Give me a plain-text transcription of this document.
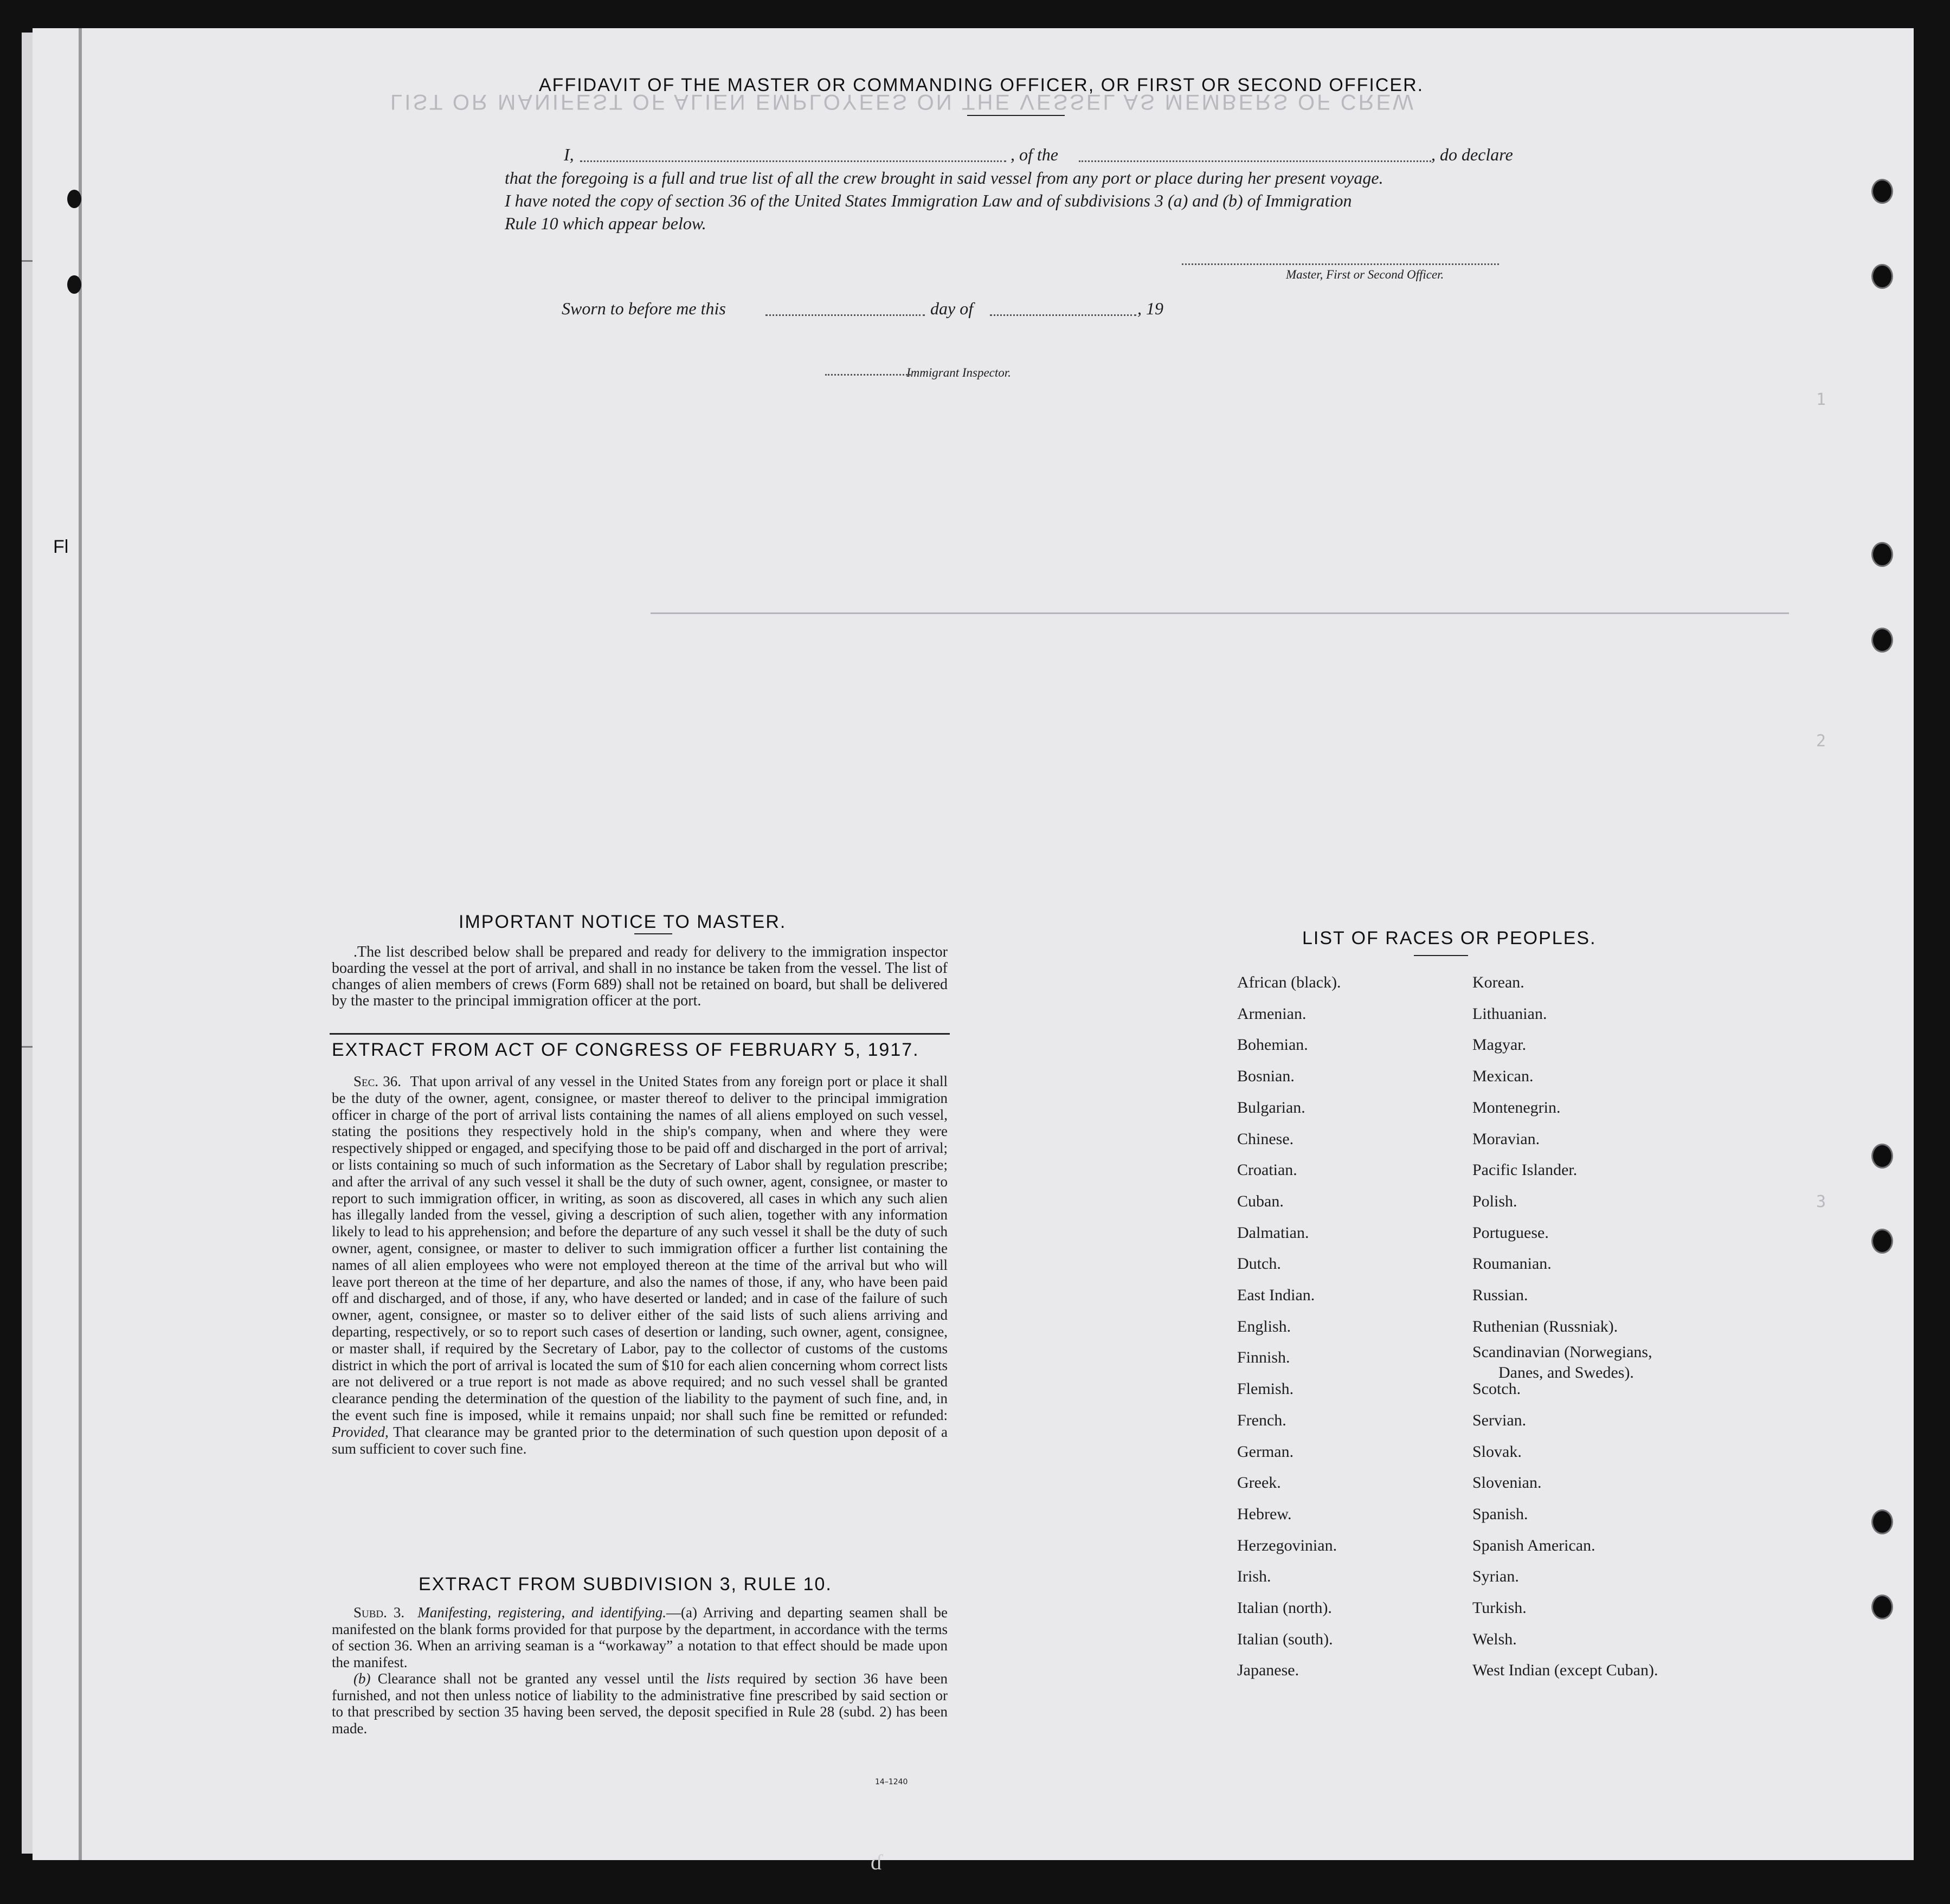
Fl
LIST OR MANIFEST OF ALIEN EMPLOYEES ON THE VESSEL AS MEMBERS OF CREW
1
2
3
AFFIDAVIT OF THE MASTER OR COMMANDING OFFICER, OR FIRST OR SECOND OFFICER.
I,	, of the	, do declare
that the foregoing is a full and true list of all the crew brought in said vessel from any port or place during her present voyage.
I have noted the copy of section 36 of the United States Immigration Law and of subdivisions 3 (a) and (b) of Immigration
Rule 10 which appear below.
Master, First or Second Officer.
Sworn to before me this	day of	, 19
Immigrant Inspector.
IMPORTANT NOTICE TO MASTER.

.The list described below shall be prepared and ready for delivery to the immigration inspector boarding the vessel at the port of arrival, and shall in no instance be taken from the vessel. The list of changes of alien members of crews (Form 689) shall not be retained on board, but shall be delivered by the master to the principal immigration officer at the port.

EXTRACT FROM ACT OF CONGRESS OF FEBRUARY 5, 1917.

Sec. 36. That upon arrival of any vessel in the United States from any foreign port or place it shall be the duty of the owner, agent, consignee, or master thereof to deliver to the principal immigration officer in charge of the port of arrival lists containing the names of all aliens employed on such vessel, stating the positions they respectively hold in the ship's company, when and where they were respectively shipped or engaged, and specifying those to be paid off and discharged in the port of arrival; or lists containing so much of such information as the Secretary of Labor shall by regulation prescribe; and after the arrival of any such vessel it shall be the duty of such owner, agent, consignee, or master to report to such immigration officer, in writing, as soon as discovered, all cases in which any such alien has illegally landed from the vessel, giving a description of such alien, together with any information likely to lead to his apprehension; and before the departure of any such vessel it shall be the duty of such owner, agent, consignee, or master to deliver to such immigration officer a further list containing the names of all alien employees who were not employed thereon at the time of the arrival but who will leave port thereon at the time of her departure, and also the names of those, if any, who have been paid off and discharged, and of those, if any, who have deserted or landed; and in case of the failure of such owner, agent, consignee, or master so to deliver either of the said lists of such aliens arriving and departing, respectively, or so to report such cases of desertion or landing, such owner, agent, consignee, or master shall, if required by the Secretary of Labor, pay to the collector of customs of the customs district in which the port of arrival is located the sum of $10 for each alien concerning whom correct lists are not delivered or a true report is not made as above required; and no such vessel shall be granted clearance pending the determination of the question of the liability to the payment of such fine, and, in the event such fine is imposed, while it remains unpaid; nor shall such fine be remitted or refunded: Provided, That clearance may be granted prior to the determination of such question upon deposit of a sum sufficient to cover such fine.

EXTRACT FROM SUBDIVISION 3, RULE 10.

Subd. 3. Manifesting, registering, and identifying.—(a) Arriving and departing seamen shall be manifested on the blank forms provided for that purpose by the department, in accordance with the terms of section 36. When an arriving seaman is a “workaway” a notation to that effect should be made upon the manifest.

(b) Clearance shall not be granted any vessel until the lists required by section 36 have been furnished, and not then unless notice of liability to the administrative fine prescribed by said section or to that prescribed by section 35 having been served, the deposit specified in Rule 28 (subd. 2) has been made.

14–1240
LIST OF RACES OR PEOPLES.
African (black).
Armenian.
Bohemian.
Bosnian.
Bulgarian.
Chinese.
Croatian.
Cuban.
Dalmatian.
Dutch.
East Indian.
English.
Finnish.
Flemish.
French.
German.
Greek.
Hebrew.
Herzegovinian.
Irish.
Italian (north).
Italian (south).
Japanese.
Korean.
Lithuanian.
Magyar.
Mexican.
Montenegrin.
Moravian.
Pacific Islander.
Polish.
Portuguese.
Roumanian.
Russian.
Ruthenian (Russniak).
Scandinavian (Norwegians,
Scotch.
Servian.
Slovak.
Slovenian.
Spanish.
Spanish American.
Syrian.
Turkish.
Welsh.
West Indian (except Cuban).
Danes, and Swedes).
ɗ
